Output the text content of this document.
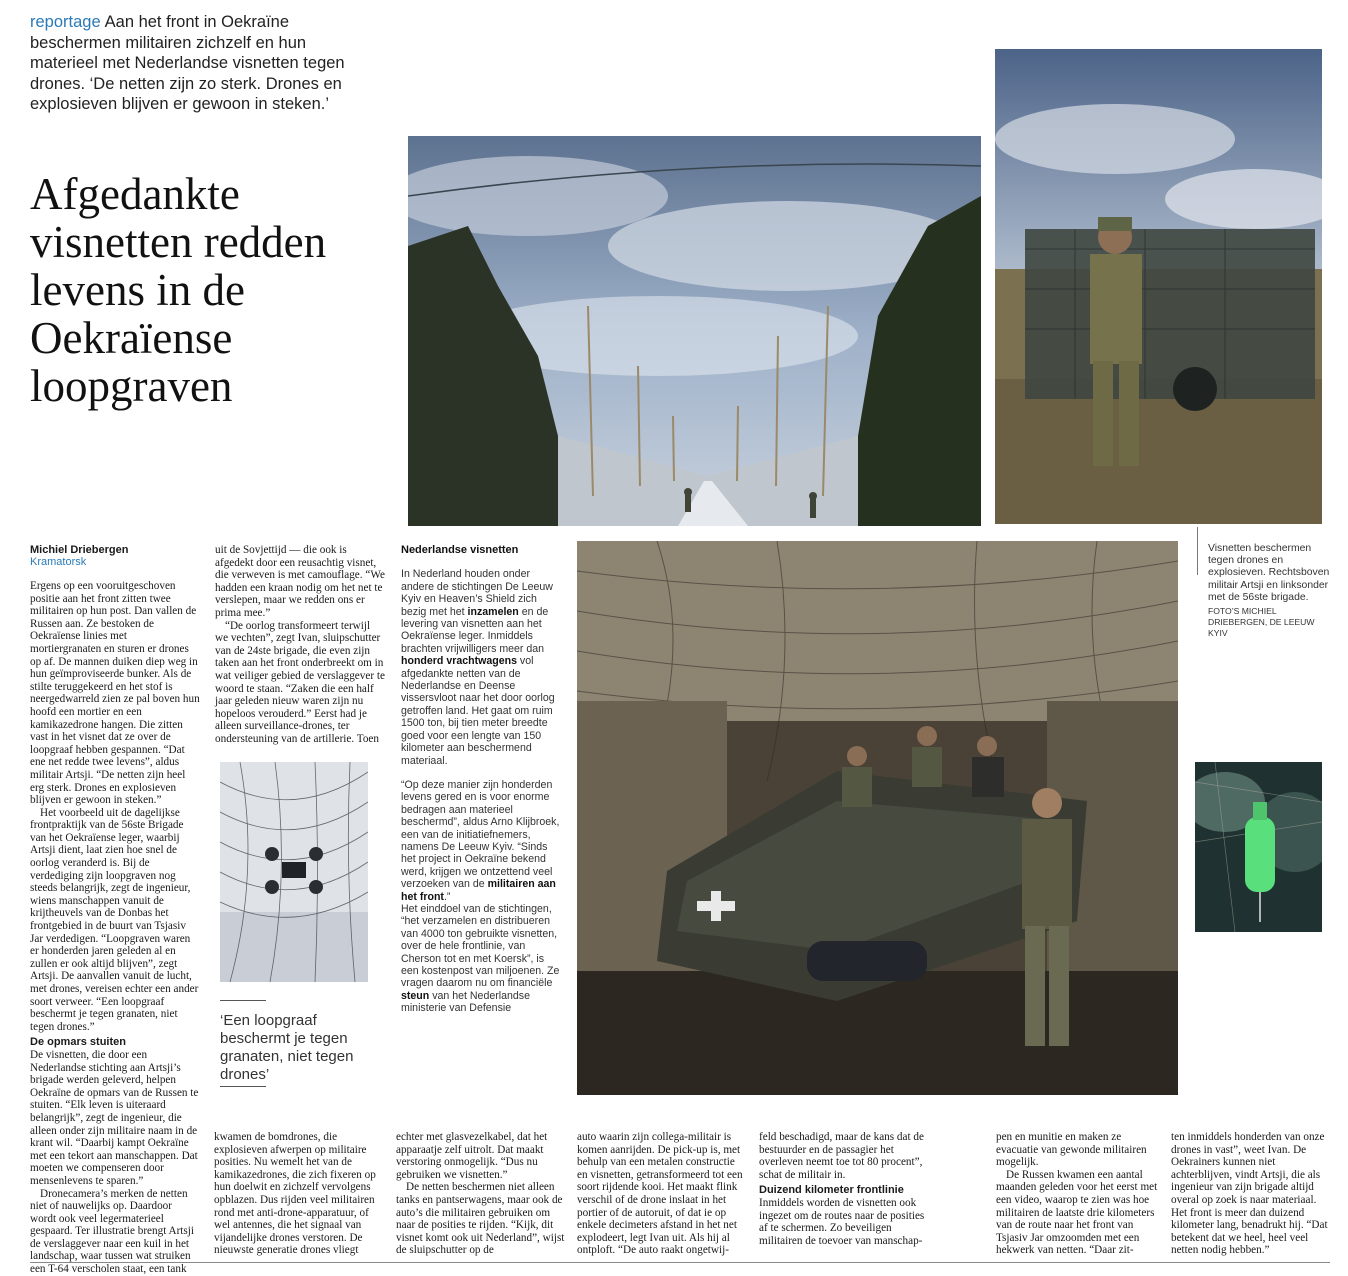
reportage Aan het front in Oekraïne beschermen militairen zichzelf en hun materieel met Nederlandse visnetten tegen drones. ‘De netten zijn zo sterk. Drones en explosieven blijven er gewoon in steken.’
Afgedankte visnetten redden levens in de Oekraïense loopgraven
Michiel Driebergen
Kramatorsk

Ergens op een vooruitgeschoven positie aan het front zitten twee militairen op hun post. Dan vallen de Russen aan. Ze bestoken de Oekraïense linies met mortiergranaten en sturen er drones op af. De mannen duiken diep weg in hun geïmproviseerde bunker. Als de stilte teruggekeerd en het stof is neergedwarreld zien ze pal boven hun hoofd een mortier en een kamikazedrone hangen. Die zitten vast in het visnet dat ze over de loopgraaf hebben gespannen. “Dat ene net redde twee levens”, aldus militair Artsji. “De netten zijn heel erg sterk. Drones en explosieven blijven er gewoon in steken.”

Het voorbeeld uit de dagelijkse frontpraktijk van de 56ste Brigade van het Oekraïense leger, waarbij Artsji dient, laat zien hoe snel de oorlog veranderd is. Bij de verdediging zijn loopgraven nog steeds belangrijk, zegt de ingenieur, wiens manschappen vanuit de krijtheuvels van de Donbas het frontgebied in de buurt van Tsjasiv Jar verdedigen. “Loopgraven waren er honderden jaren geleden al en zullen er ook altijd blijven”, zegt Artsji. De aanvallen vanuit de lucht, met drones, vereisen echter een ander soort verweer. “Een loopgraaf beschermt je tegen granaten, niet tegen drones.”

De opmars stuiten

De visnetten, die door een Nederlandse stichting aan Artsji’s brigade werden geleverd, helpen Oekraïne de opmars van de Russen te stuiten. “Elk leven is uiteraard belangrijk”, zegt de ingenieur, die alleen onder zijn militaire naam in de krant wil. “Daarbij kampt Oekraïne met een tekort aan manschappen. Dat moeten we compenseren door mensenlevens te sparen.”

Dronecamera’s merken de netten niet of nauwelijks op. Daardoor wordt ook veel legermaterieel gespaard. Ter illustratie brengt Artsji de verslaggever naar een kuil in het landschap, waar tussen wat struiken een T-64 verscholen staat, een tank

uit de Sovjettijd — die ook is afgedekt door een reusachtig visnet, die verweven is met camouflage. “We hadden een kraan nodig om het net te verslepen, maar we redden ons er prima mee.”

“De oorlog transformeert terwijl we vechten”, zegt Ivan, sluipschutter van de 24ste brigade, die even zijn taken aan het front onderbreekt om in wat veiliger gebied de verslaggever te woord te staan. “Zaken die een half jaar geleden nieuw waren zijn nu hopeloos verouderd.” Eerst had je alleen surveillance-drones, ter ondersteuning van de artillerie. Toen

‘Een loopgraaf beschermt je tegen granaten, niet tegen drones’
Nederlandse visnetten

In Nederland houden onder andere de stichtingen De Leeuw Kyiv en Heaven’s Shield zich bezig met het inzamelen en de levering van visnetten aan het Oekraïense leger. Inmiddels brachten vrijwilligers meer dan honderd vrachtwagens vol afgedankte netten van de Nederlandse en Deense vissersvloot naar het door oorlog getroffen land. Het gaat om ruim 1500 ton, bij tien meter breedte goed voor een lengte van 150 kilometer aan beschermend materiaal.

“Op deze manier zijn honderden levens gered en is voor enorme bedragen aan materieel beschermd”, aldus Arno Klijbroek, een van de initiatiefnemers, namens De Leeuw Kyiv. “Sinds het project in Oekraïne bekend werd, krijgen we ontzettend veel verzoeken van de militairen aan het front.”

Het einddoel van de stichtingen, “het verzamelen en distribueren van 4000 ton gebruikte visnetten, over de hele frontlinie, van Cherson tot en met Koersk”, is een kostenpost van miljoenen. Ze vragen daarom nu om financiële steun van het Nederlandse ministerie van Defensie

Visnetten beschermen tegen drones en explosieven. Rechtsboven militair Artsji en linksonder met de 56ste brigade.
FOTO’S MICHIEL DRIEBERGEN, DE LEEUW KYIV

kwamen de bomdrones, die explosieven afwerpen op militaire posities. Nu wemelt het van de kamikazedrones, die zich fixeren op hun doelwit en zichzelf vervolgens opblazen. Dus rijden veel militairen rond met anti-drone-apparatuur, of wel antennes, die het signaal van vijandelijke drones verstoren. De nieuwste generatie drones vliegt

echter met glasvezelkabel, dat het apparaatje zelf uitrolt. Dat maakt verstoring onmogelijk. “Dus nu gebruiken we visnetten.”

De netten beschermen niet alleen tanks en pantserwagens, maar ook de auto’s die militairen gebruiken om naar de posities te rijden. “Kijk, dit visnet komt ook uit Nederland”, wijst de sluipschutter op de

auto waarin zijn collega-militair is komen aanrijden. De pick-up is, met behulp van een metalen constructie en visnetten, getransformeerd tot een soort rijdende kooi. Het maakt flink verschil of de drone inslaat in het portier of de autoruit, of dat ie op enkele decimeters afstand in het net explodeert, legt Ivan uit. Als hij al ontploft. “De auto raakt ongetwij-

feld beschadigd, maar de kans dat de bestuurder en de passagier het overleven neemt toe tot 80 procent”, schat de militair in.

Duizend kilometer frontlinie

Inmiddels worden de visnetten ook ingezet om de routes naar de posities af te schermen. Zo beveiligen militairen de toevoer van manschap-

pen en munitie en maken ze evacuatie van gewonde militairen mogelijk.

De Russen kwamen een aantal maanden geleden voor het eerst met een video, waarop te zien was hoe militairen de laatste drie kilometers van de route naar het front van Tsjasiv Jar omzoomden met een hekwerk van netten. “Daar zit-

ten inmiddels honderden van onze drones in vast”, weet Ivan. De Oekrainers kunnen niet achterblijven, vindt Artsji, die als ingenieur van zijn brigade altijd overal op zoek is naar materiaal. Het front is meer dan duizend kilometer lang, benadrukt hij. “Dat betekent dat we heel, heel veel netten nodig hebben.”
